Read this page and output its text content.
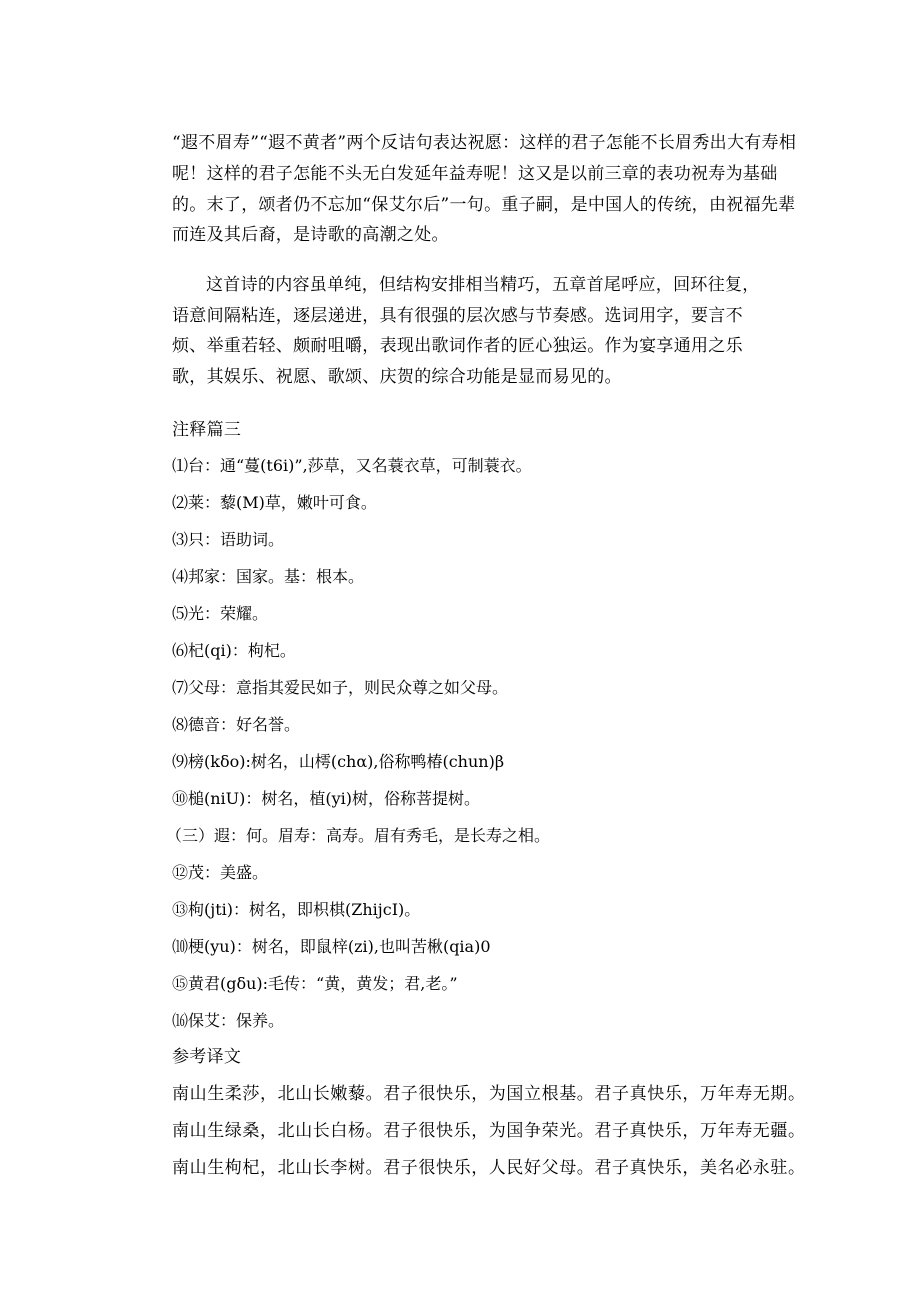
“遐不眉寿”“遐不黄者”两个反诘句表达祝愿：这样的君子怎能不长眉秀出大有寿相呢！这样的君子怎能不头无白发延年益寿呢！这又是以前三章的表功祝寿为基础的。末了，颂者仍不忘加“保艾尔后”一句。重子嗣，是中国人的传统，由祝福先辈而连及其后裔，是诗歌的高潮之处。
这首诗的内容虽单纯，但结构安排相当精巧，五章首尾呼应，回环往复，语意间隔粘连，逐层递进，具有很强的层次感与节奏感。选词用字，要言不烦、举重若轻、颇耐咀嚼，表现出歌词作者的匠心独运。作为宴享通用之乐歌，其娱乐、祝愿、歌颂、庆贺的综合功能是显而易见的。
注释篇三
⑴台：通“蔓(t6i)”,莎草，又名蓑衣草，可制蓑衣。
⑵莱：藜(M)草，嫩叶可食。
⑶只：语助词。
⑷邦家：国家。基：根本。
⑸光：荣耀。
⑹杞(qi)：枸杞。
⑺父母：意指其爱民如子，则民众尊之如父母。
⑻德音：好名誉。
⑼榜(kδo):树名，山樗(chα),俗称鸭椿(chun)β
⑩槌(niU)：树名，植(yi)树，俗称菩提树。
（三）遐：何。眉寿：高寿。眉有秀毛，是长寿之相。
⑫茂：美盛。
⑬枸(jti)：树名，即枳棋(ZhijcI)。
⑽梗(yu)：树名，即鼠梓(zi),也叫苦楸(qia)0
⑮黄君(gδu):毛传：“黄，黄发；君,老。”
⒃保艾：保养。
参考译文
南山生柔莎，北山长嫩藜。君子很快乐，为国立根基。君子真快乐，万年寿无期。
南山生绿桑，北山长白杨。君子很快乐，为国争荣光。君子真快乐，万年寿无疆。
南山生枸杞，北山长李树。君子很快乐，人民好父母。君子真快乐，美名必永驻。
